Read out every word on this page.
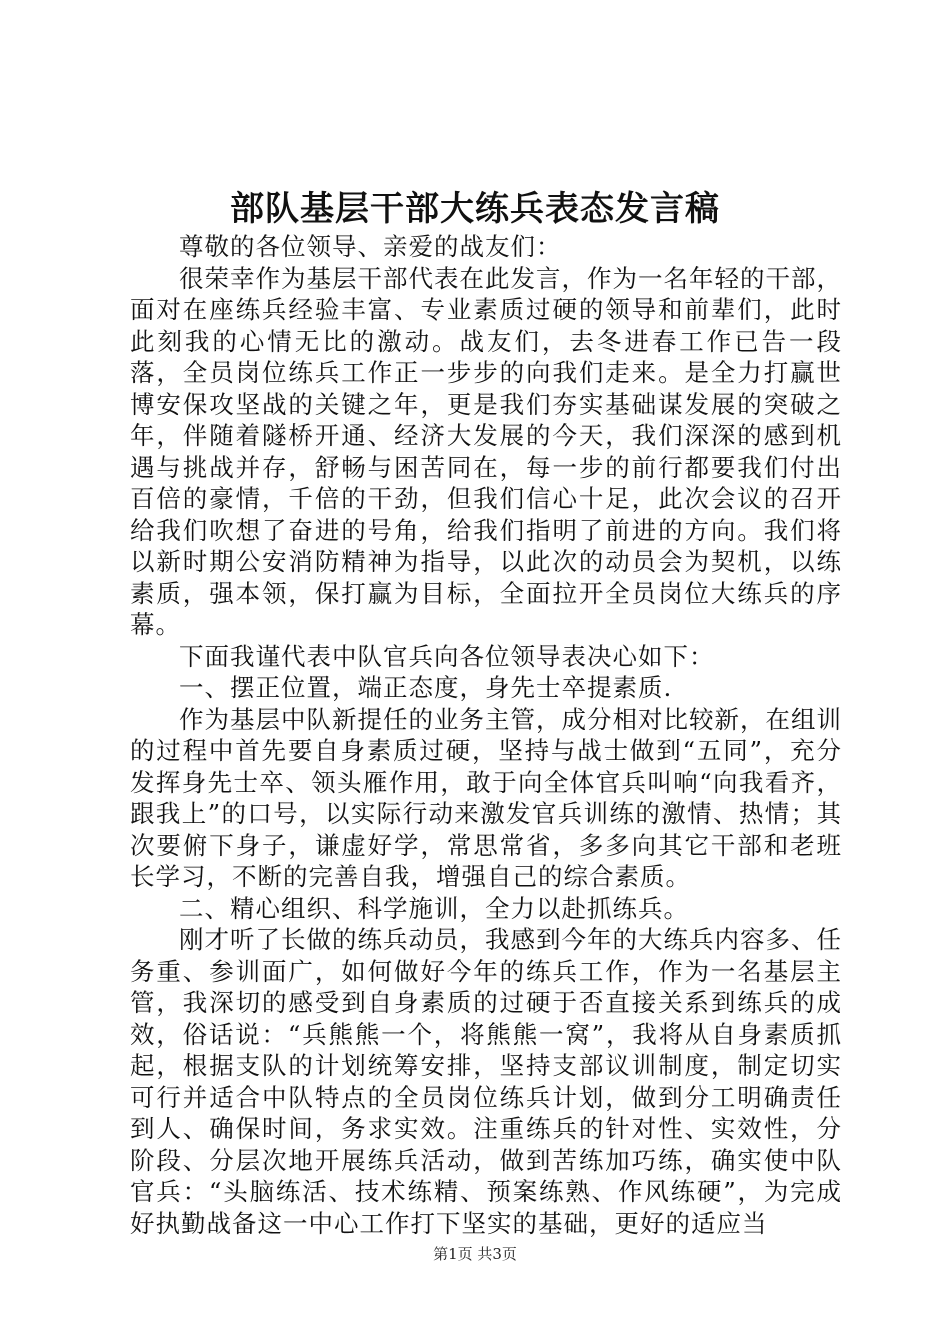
部队基层干部大练兵表态发言稿

尊敬的各位领导、亲爱的战友们：

很荣幸作为基层干部代表在此发言，作为一名年轻的干部，面对在座练兵经验丰富、专业素质过硬的领导和前辈们，此时此刻我的心情无比的激动。战友们，去冬进春工作已告一段落，全员岗位练兵工作正一步步的向我们走来。是全力打赢世博安保攻坚战的关键之年，更是我们夯实基础谋发展的突破之年，伴随着隧桥开通、经济大发展的今天，我们深深的感到机遇与挑战并存，舒畅与困苦同在，每一步的前行都要我们付出百倍的豪情，千倍的干劲，但我们信心十足，此次会议的召开给我们吹想了奋进的号角，给我们指明了前进的方向。我们将以新时期公安消防精神为指导，以此次的动员会为契机，以练素质，强本领，保打赢为目标，全面拉开全员岗位大练兵的序幕。

下面我谨代表中队官兵向各位领导表决心如下：

一、摆正位置，端正态度，身先士卒提素质.

作为基层中队新提任的业务主管，成分相对比较新，在组训的过程中首先要自身素质过硬，坚持与战士做到“五同”，充分发挥身先士卒、领头雁作用，敢于向全体官兵叫响“向我看齐，跟我上”的口号，以实际行动来激发官兵训练的激情、热情；其次要俯下身子，谦虚好学，常思常省，多多向其它干部和老班长学习，不断的完善自我，增强自己的综合素质。

二、精心组织、科学施训，全力以赴抓练兵。

刚才听了长做的练兵动员，我感到今年的大练兵内容多、任务重、参训面广，如何做好今年的练兵工作，作为一名基层主管，我深切的感受到自身素质的过硬于否直接关系到练兵的成效，俗话说：“兵熊熊一个，将熊熊一窝”，我将从自身素质抓起，根据支队的计划统筹安排，坚持支部议训制度，制定切实可行并适合中队特点的全员岗位练兵计划，做到分工明确责任到人、确保时间，务求实效。注重练兵的针对性、实效性，分阶段、分层次地开展练兵活动，做到苦练加巧练，确实使中队官兵：“头脑练活、技术练精、预案练熟、作风练硬”，为完成好执勤战备这一中心工作打下坚实的基础，更好的适应当

第1页 共3页
